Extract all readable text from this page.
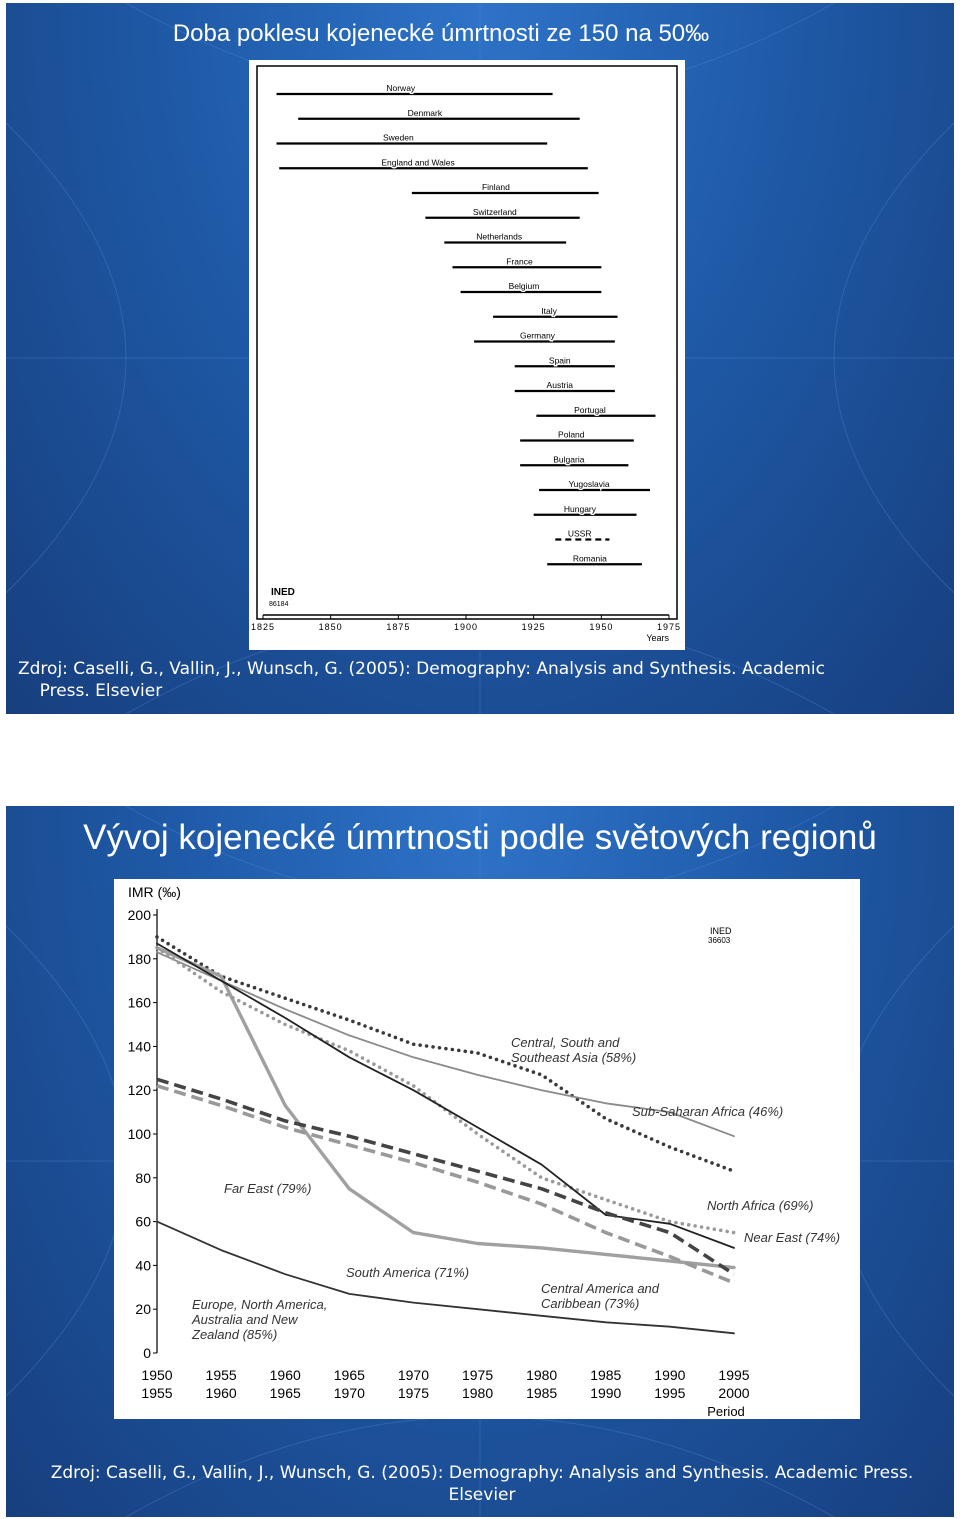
Doba poklesu kojenecké úmrtnosti ze 150 na 50‰
Norway
Denmark
Sweden
England and Wales
Finland
Switzerland
Netherlands
France
Belgium
Italy
Germany
Spain
Austria
Portugal
Poland
Bulgaria
Yugoslavia
Hungary
USSR
Romania
1825	1850	1875	1900	1925	1950	1975
Years
INED
86184
Zdroj: Caselli, G., Vallin, J., Wunsch, G. (2005): Demography: Analysis and Synthesis. Academic
Press. Elsevier
Vývoj kojenecké úmrtnosti podle světových regionů
IMR (‰)
0
20
40
60
80
100
120
140
160
180
200
1950
1955
1955
1960
1960
1965
1965
1970
1970
1975
1975
1980
1980
1985
1985
1990
1990
1995
1995
2000
Period
INED
36603
Central, South and
Southeast Asia (58%)
Sub-Saharan Africa (46%)
Far East (79%)
North Africa (69%)
Near East (74%)
South America (71%)
Central America and
Caribbean (73%)
Europe, North America,
Australia and New
Zealand (85%)
Zdroj: Caselli, G., Vallin, J., Wunsch, G. (2005): Demography: Analysis and Synthesis. Academic Press. Elsevier
